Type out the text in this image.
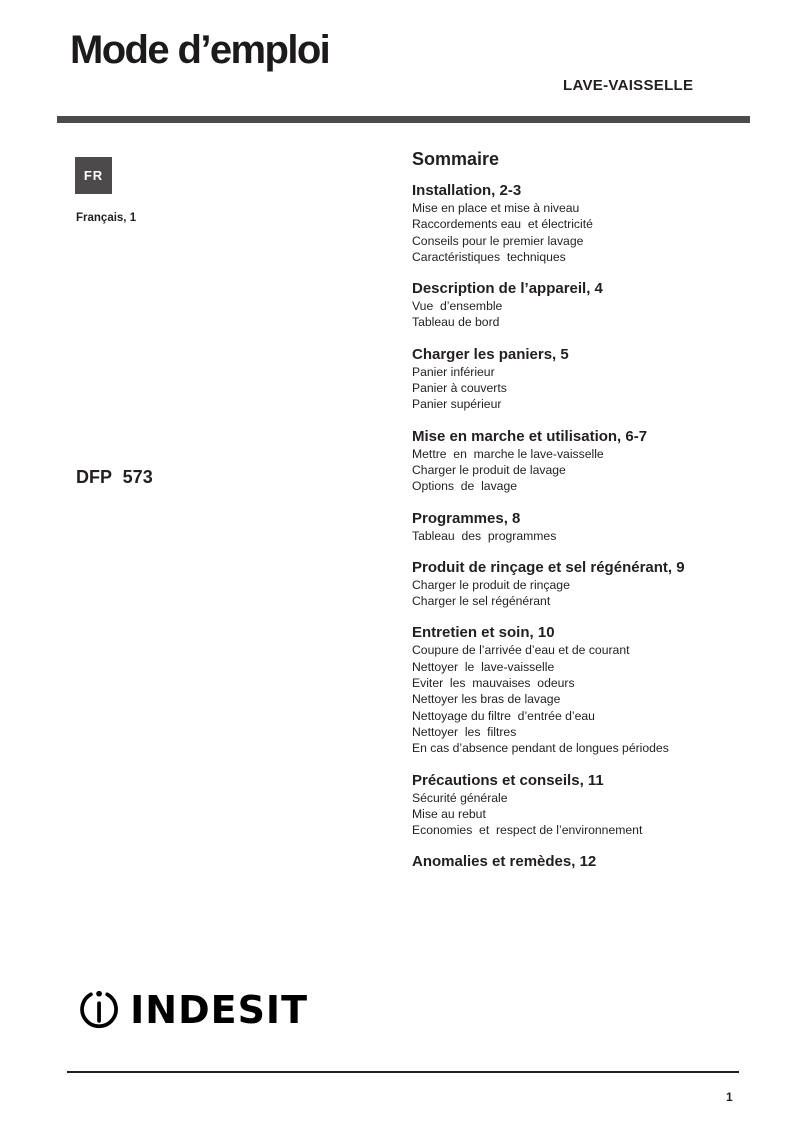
Mode d’emploi
LAVE-VAISSELLE
FR
Français, 1
DFP 573
Sommaire
Installation, 2-3
Mise en place et mise à niveau
Raccordements eau  et électricité
Conseils pour le premier lavage
Caractéristiques  techniques
Description de l’appareil, 4
Vue  d’ensemble
Tableau de bord
Charger les paniers, 5
Panier inférieur
Panier à couverts
Panier supérieur
Mise en marche et utilisation, 6-7
Mettre  en  marche le lave-vaisselle
Charger le produit de lavage
Options  de  lavage
Programmes, 8
Tableau  des  programmes
Produit de rinçage et sel régénérant, 9
Charger le produit de rinçage
Charger le sel régénérant
Entretien et soin, 10
Coupure de l’arrivée d’eau et de courant
Nettoyer  le  lave-vaisselle
Eviter  les  mauvaises  odeurs
Nettoyer les bras de lavage
Nettoyage du filtre  d’entrée d’eau
Nettoyer  les  filtres
En cas d’absence pendant de longues périodes
Précautions et conseils, 11
Sécurité générale
Mise au rebut
Economies  et  respect de l’environnement
Anomalies et remèdes, 12
INDESIT
1
